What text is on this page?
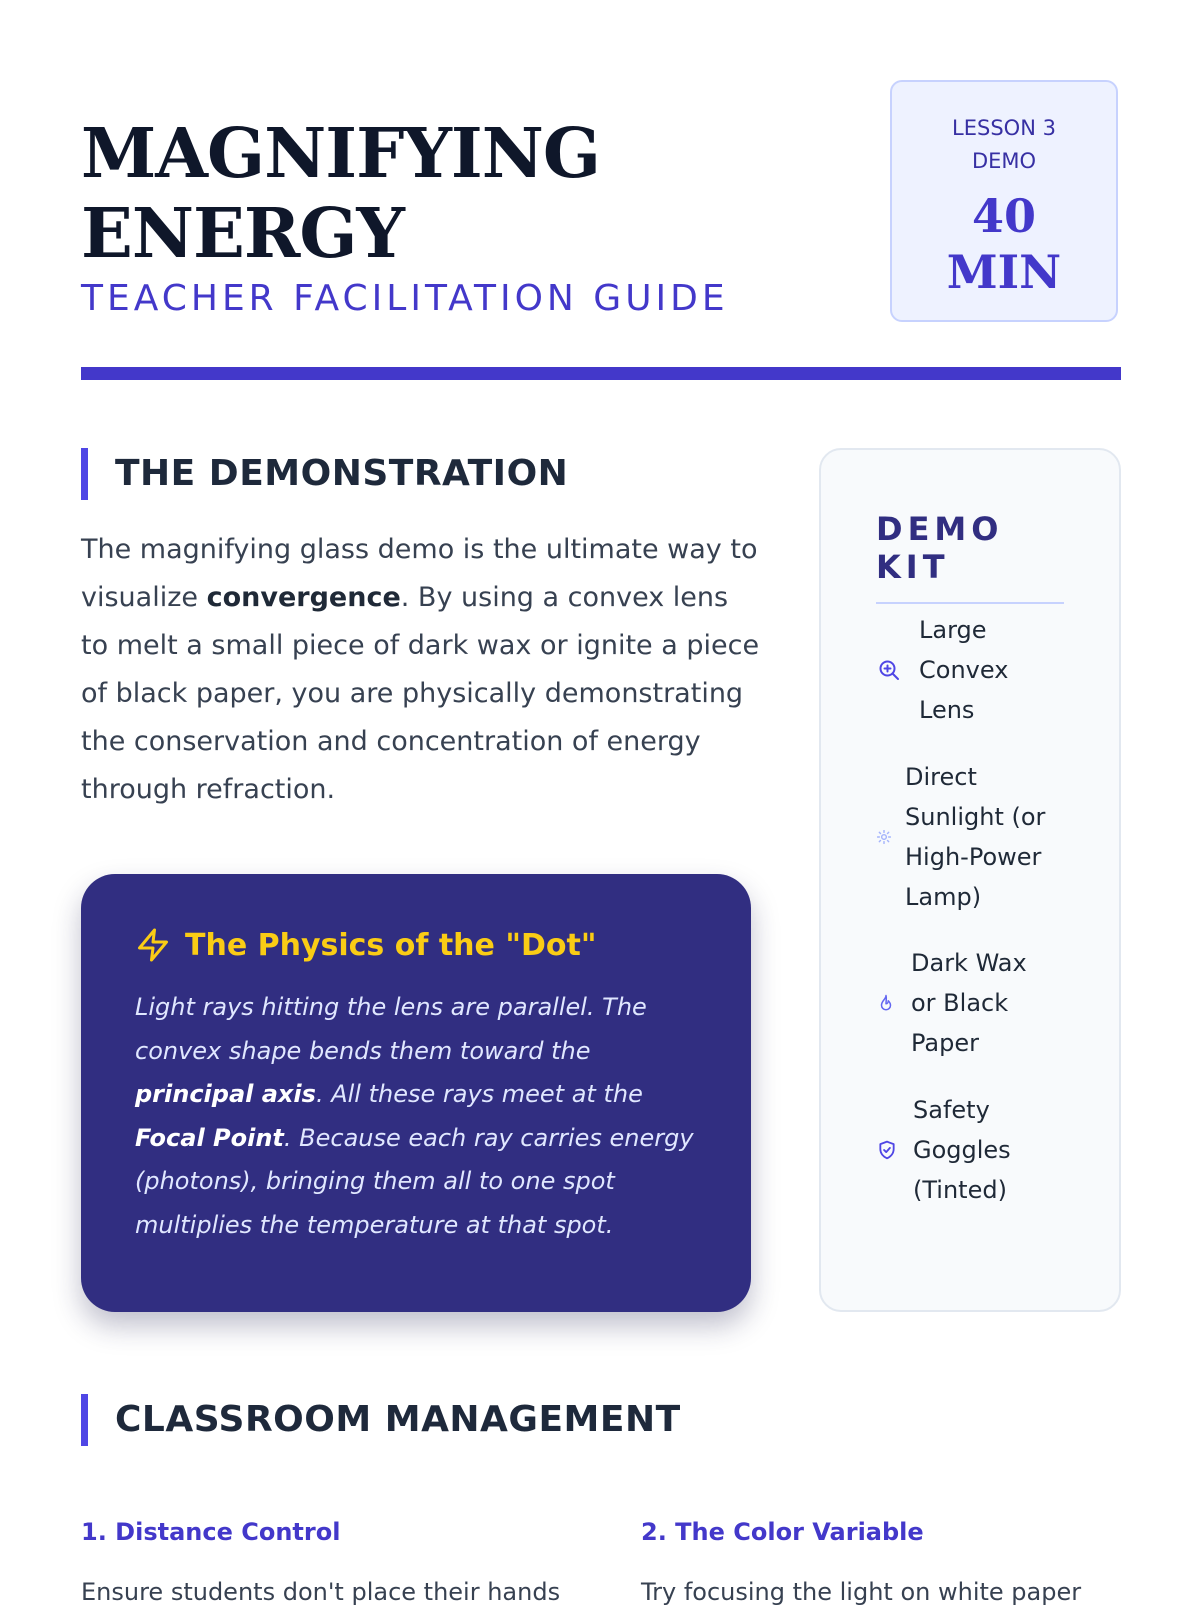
MAGNIFYING
ENERGY

TEACHER FACILITATION GUIDE

LESSON 3
DEMO
40
MIN
THE DEMONSTRATION

The magnifying glass demo is the ultimate way to visualize convergence. By using a convex lens to melt a small piece of dark wax or ignite a piece of black paper, you are physically demonstrating the conservation and concentration of energy through refraction.

The Physics of the "Dot"

Light rays hitting the lens are parallel. The convex shape bends them toward the principal axis. All these rays meet at the Focal Point. Because each ray carries energy (photons), bringing them all to one spot multiplies the temperature at that spot.

DEMO KIT
Large
Convex
Lens
Direct
Sunlight (or
High-Power
Lamp)
Dark Wax
or Black
Paper
Safety
Goggles
(Tinted)
CLASSROOM MANAGEMENT
1. Distance Control

Ensure students don't place their hands

2. The Color Variable

Try focusing the light on white paper
